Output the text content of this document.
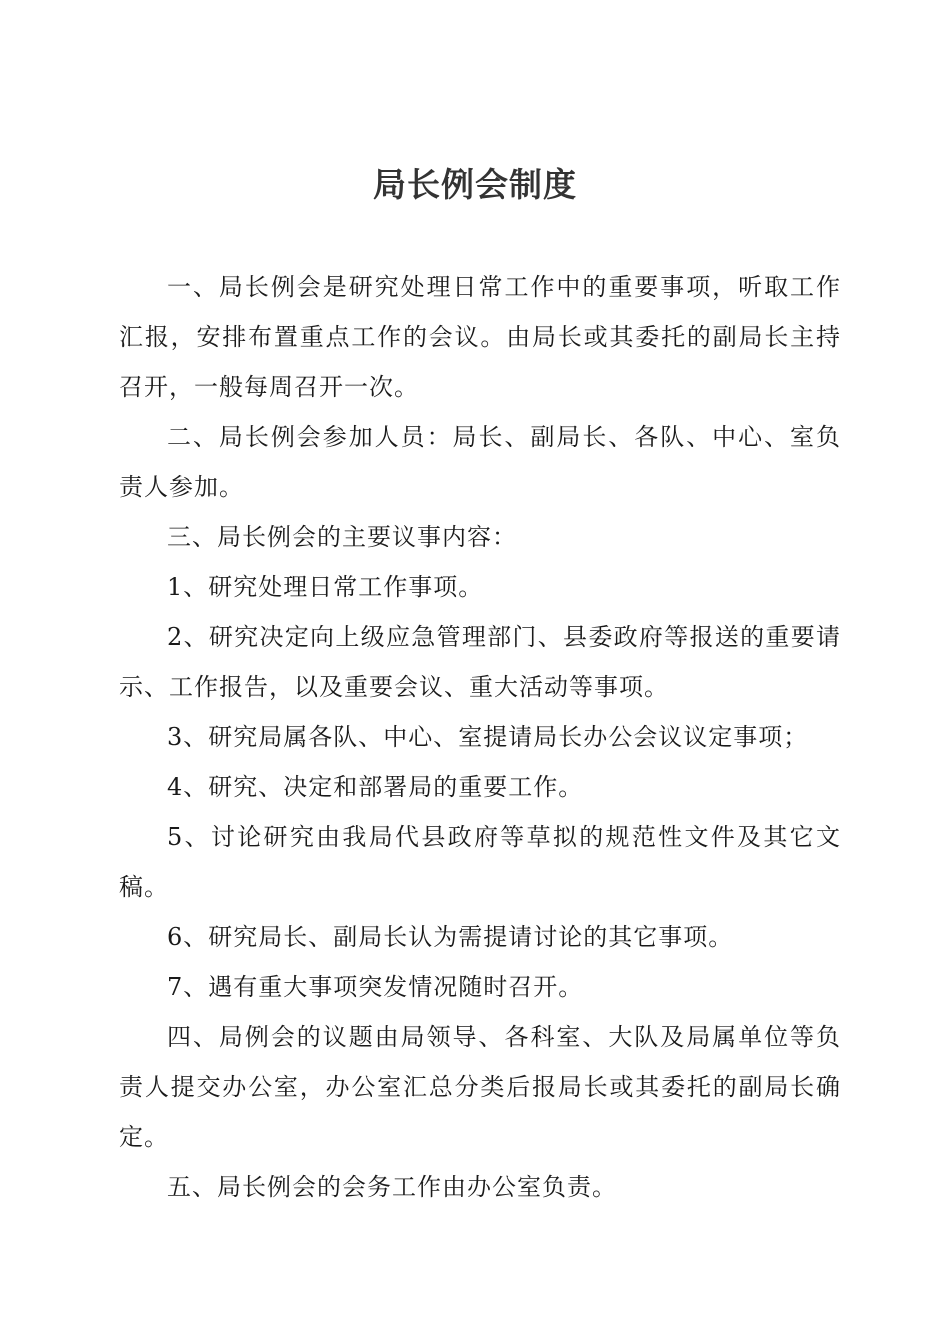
局长例会制度

一、局长例会是研究处理日常工作中的重要事项，听取工作汇报，安排布置重点工作的会议。由局长或其委托的副局长主持召开，一般每周召开一次。

二、局长例会参加人员：局长、副局长、各队、中心、室负责人参加。

三、局长例会的主要议事内容：

1、研究处理日常工作事项。

2、研究决定向上级应急管理部门、县委政府等报送的重要请示、工作报告，以及重要会议、重大活动等事项。

3、研究局属各队、中心、室提请局长办公会议议定事项；

4、研究、决定和部署局的重要工作。

5、讨论研究由我局代县政府等草拟的规范性文件及其它文稿。

6、研究局长、副局长认为需提请讨论的其它事项。

7、遇有重大事项突发情况随时召开。

四、局例会的议题由局领导、各科室、大队及局属单位等负责人提交办公室，办公室汇总分类后报局长或其委托的副局长确定。

五、局长例会的会务工作由办公室负责。
